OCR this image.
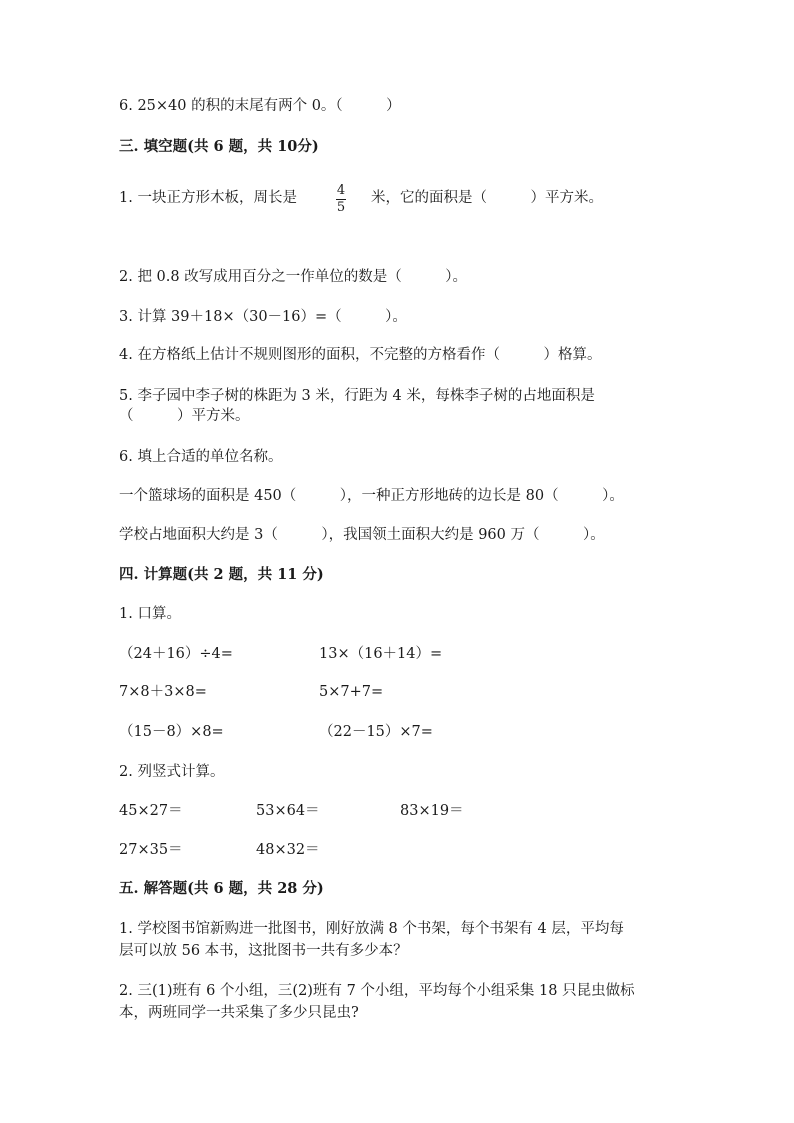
6. 25×40 的积的末尾有两个 0。（　　　）
三. 填空题(共 6 题，共 10分)
1. 一块正方形木板，周长是	4
5
米，它的面积是（　　　）平方米。
2. 把 0.8 改写成用百分之一作单位的数是（　　　）。
3. 计算 39＋18×（30－16）=（　　　）。
4. 在方格纸上估计不规则图形的面积，不完整的方格看作（　　　）格算。
5. 李子园中李子树的株距为 3 米，行距为 4 米，每株李子树的占地面积是
（　　　）平方米。
6. 填上合适的单位名称。
一个篮球场的面积是 450（　　　），一种正方形地砖的边长是 80（　　　）。
学校占地面积大约是 3（　　　），我国领土面积大约是 960 万（　　　）。
四. 计算题(共 2 题，共 11 分)
1. 口算。
（24＋16）÷4=	13×（16＋14）=
7×8＋3×8=	5×7+7=
（15－8）×8=	（22－15）×7=
2. 列竖式计算。
45×27＝	53×64＝	83×19＝
27×35＝	48×32＝
五. 解答题(共 6 题，共 28 分)
1. 学校图书馆新购进一批图书，刚好放满 8 个书架，每个书架有 4 层，平均每
层可以放 56 本书，这批图书一共有多少本？
2. 三(1)班有 6 个小组，三(2)班有 7 个小组，平均每个小组采集 18 只昆虫做标
本，两班同学一共采集了多少只昆虫?
